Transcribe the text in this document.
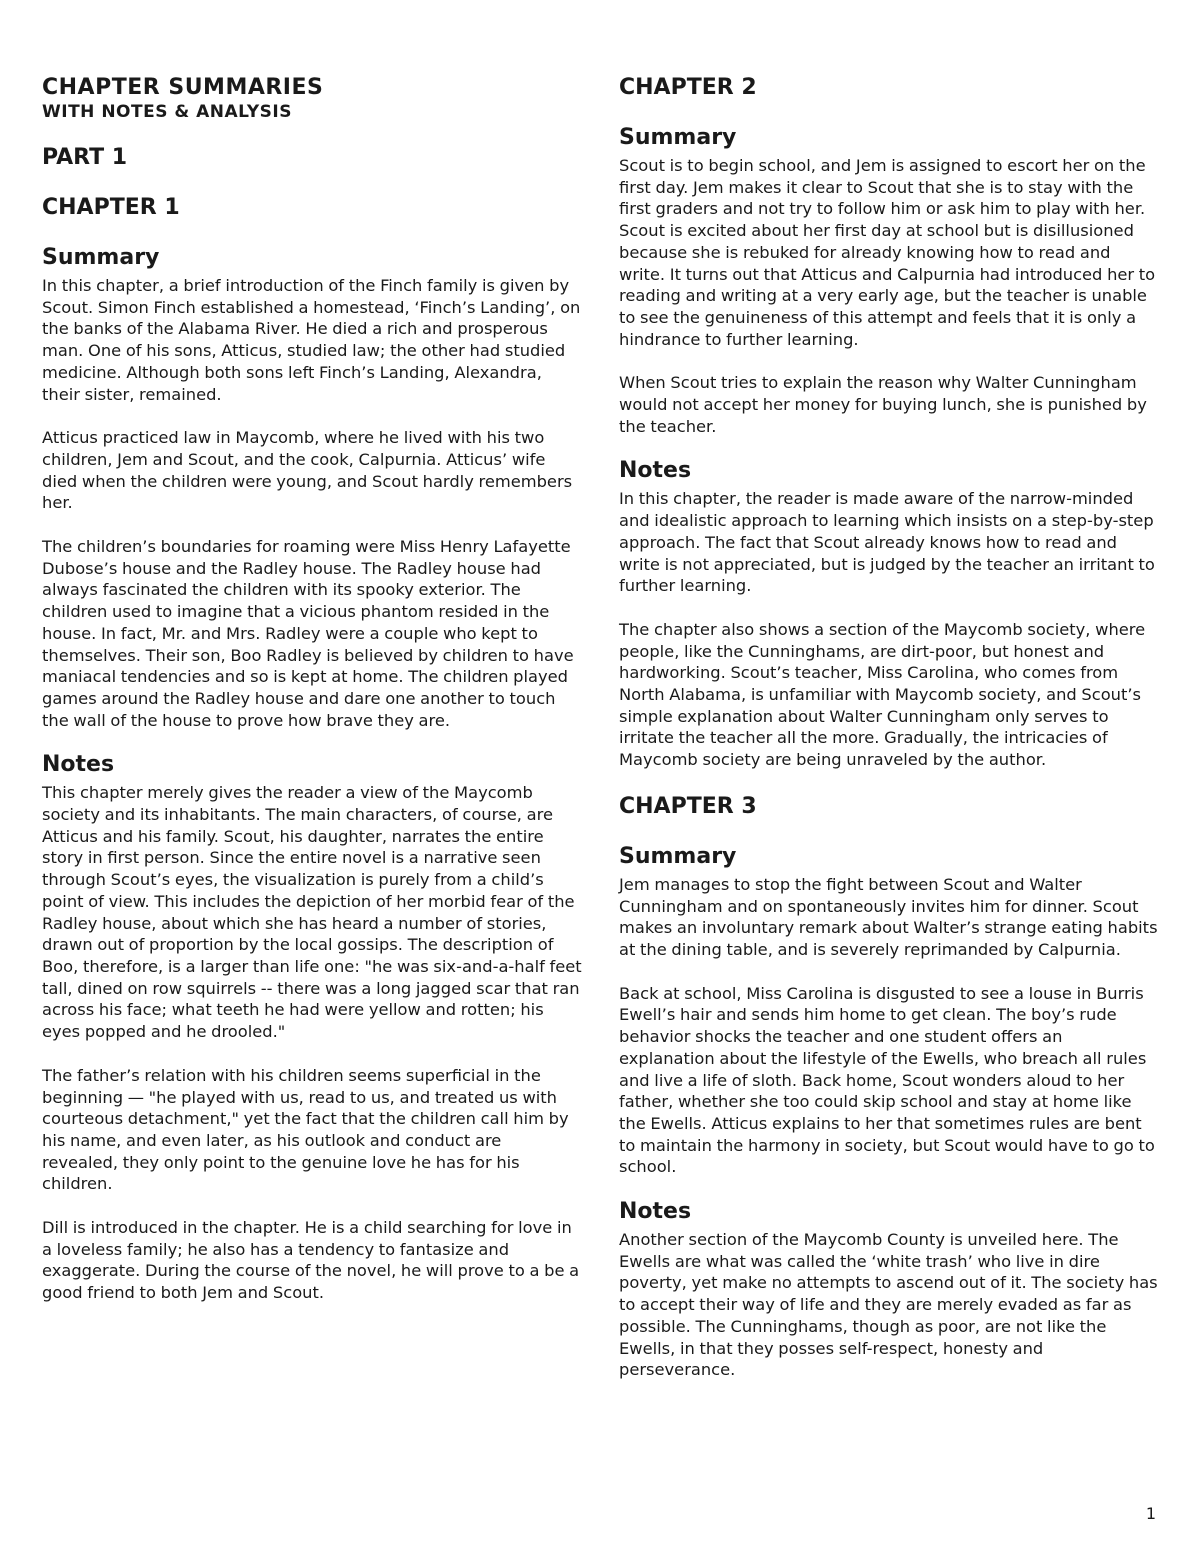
CHAPTER SUMMARIES
WITH NOTES & ANALYSIS
PART 1
CHAPTER 1
Summary

In this chapter, a brief introduction of the Finch family is given by Scout. Simon Finch established a homestead, ‘Finch’s Landing’, on the banks of the Alabama River. He died a rich and prosperous man. One of his sons, Atticus, studied law; the other had studied medicine. Although both sons left Finch’s Landing, Alexandra, their sister, remained.

Atticus practiced law in Maycomb, where he lived with his two children, Jem and Scout, and the cook, Calpurnia. Atticus’ wife died when the children were young, and Scout hardly remembers her.

The children’s boundaries for roaming were Miss Henry Lafayette Dubose’s house and the Radley house. The Radley house had always fascinated the children with its spooky exterior. The children used to imagine that a vicious phantom resided in the house. In fact, Mr. and Mrs. Radley were a couple who kept to themselves. Their son, Boo Radley is believed by children to have maniacal tendencies and so is kept at home. The children played games around the Radley house and dare one another to touch the wall of the house to prove how brave they are.

Notes

This chapter merely gives the reader a view of the Maycomb society and its inhabitants. The main characters, of course, are Atticus and his family. Scout, his daughter, narrates the entire story in first person. Since the entire novel is a narrative seen through Scout’s eyes, the visualization is purely from a child’s point of view. This includes the depiction of her morbid fear of the Radley house, about which she has heard a number of stories, drawn out of proportion by the local gossips. The description of Boo, therefore, is a larger than life one: "he was six-and-a-half feet tall, dined on row squirrels -- there was a long jagged scar that ran across his face; what teeth he had were yellow and rotten; his eyes popped and he drooled."

The father’s relation with his children seems superficial in the beginning — "he played with us, read to us, and treated us with courteous detachment," yet the fact that the children call him by his name, and even later, as his outlook and conduct are revealed, they only point to the genuine love he has for his children.

Dill is introduced in the chapter. He is a child searching for love in a loveless family; he also has a tendency to fantasize and exaggerate. During the course of the novel, he will prove to a be a good friend to both Jem and Scout.

CHAPTER 2
Summary

Scout is to begin school, and Jem is assigned to escort her on the first day. Jem makes it clear to Scout that she is to stay with the first graders and not try to follow him or ask him to play with her. Scout is excited about her first day at school but is disillusioned because she is rebuked for already knowing how to read and write. It turns out that Atticus and Calpurnia had introduced her to reading and writing at a very early age, but the teacher is unable to see the genuineness of this attempt and feels that it is only a hindrance to further learning.

When Scout tries to explain the reason why Walter Cunningham would not accept her money for buying lunch, she is punished by the teacher.

Notes

In this chapter, the reader is made aware of the narrow-minded and idealistic approach to learning which insists on a step-by-step approach. The fact that Scout already knows how to read and write is not appreciated, but is judged by the teacher an irritant to further learning.

The chapter also shows a section of the Maycomb society, where people, like the Cunninghams, are dirt-poor, but honest and hardworking. Scout’s teacher, Miss Carolina, who comes from North Alabama, is unfamiliar with Maycomb society, and Scout’s simple explanation about Walter Cunningham only serves to irritate the teacher all the more. Gradually, the intricacies of Maycomb society are being unraveled by the author.

CHAPTER 3
Summary

Jem manages to stop the fight between Scout and Walter Cunningham and on spontaneously invites him for dinner. Scout makes an involuntary remark about Walter’s strange eating habits at the dining table, and is severely reprimanded by Calpurnia.

Back at school, Miss Carolina is disgusted to see a louse in Burris Ewell’s hair and sends him home to get clean. The boy’s rude behavior shocks the teacher and one student offers an explanation about the lifestyle of the Ewells, who breach all rules and live a life of sloth. Back home, Scout wonders aloud to her father, whether she too could skip school and stay at home like the Ewells. Atticus explains to her that sometimes rules are bent to maintain the harmony in society, but Scout would have to go to school.

Notes

Another section of the Maycomb County is unveiled here. The Ewells are what was called the ‘white trash’ who live in dire poverty, yet make no attempts to ascend out of it. The society has to accept their way of life and they are merely evaded as far as possible. The Cunninghams, though as poor, are not like the Ewells, in that they posses self-respect, honesty and perseverance.

1
